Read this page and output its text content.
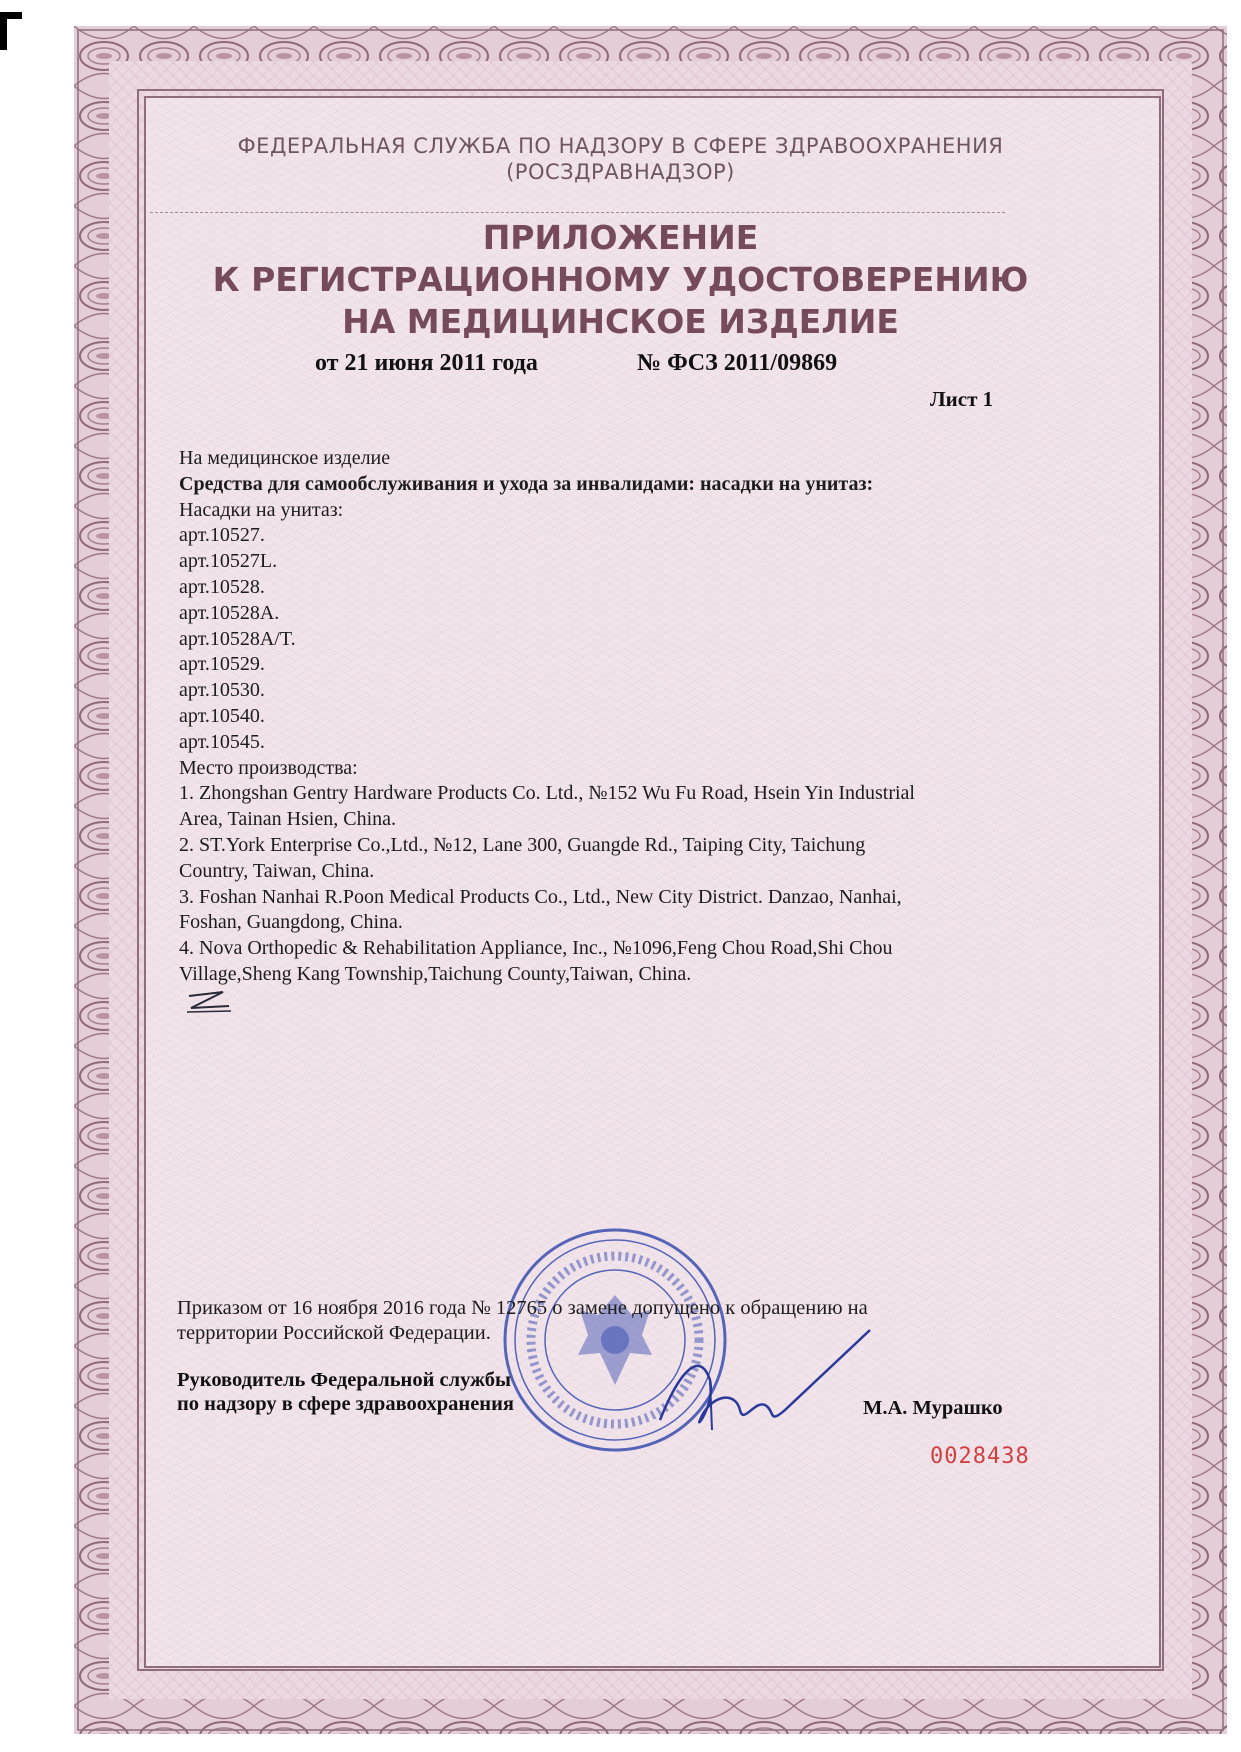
ФЕДЕРАЛЬНАЯ СЛУЖБА ПО НАДЗОРУ В СФЕРЕ ЗДРАВООХРАНЕНИЯ
(РОСЗДРАВНАДЗОР)
ПРИЛОЖЕНИЕ
К РЕГИСТРАЦИОННОМУ УДОСТОВЕРЕНИЮ
НА МЕДИЦИНСКОЕ ИЗДЕЛИЕ
от 21 июня 2011 года	№ ФСЗ 2011/09869
Лист 1
На медицинское изделие
Средства для самообслуживания и ухода за инвалидами: насадки на унитаз:
Насадки на унитаз:
арт.10527.
арт.10527L.
арт.10528.
арт.10528A.
арт.10528A/T.
арт.10529.
арт.10530.
арт.10540.
арт.10545.
Место производства:
1. Zhongshan Gentry Hardware Products Co. Ltd., №152 Wu Fu Road, Hsein Yin Industrial
Area, Tainan Hsien, China.
2. ST.York Enterprise Co.,Ltd., №12, Lane 300, Guangde Rd., Taiping City, Taichung
Country, Taiwan, China.
3. Foshan Nanhai R.Poon Medical Products Co., Ltd., New City District. Danzao, Nanhai,
Foshan, Guangdong, China.
4. Nova Orthopedic & Rehabilitation Appliance, Inc., №1096,Feng Chou Road,Shi Chou
Village,Sheng Kang Township,Taichung County,Taiwan, China.
Приказом от 16 ноября 2016 года № 12765 о замене допущено к обращению на
территории Российской Федерации.
Руководитель Федеральной службы
по надзору в сфере здравоохранения	М.А. Мурашко
0028438
